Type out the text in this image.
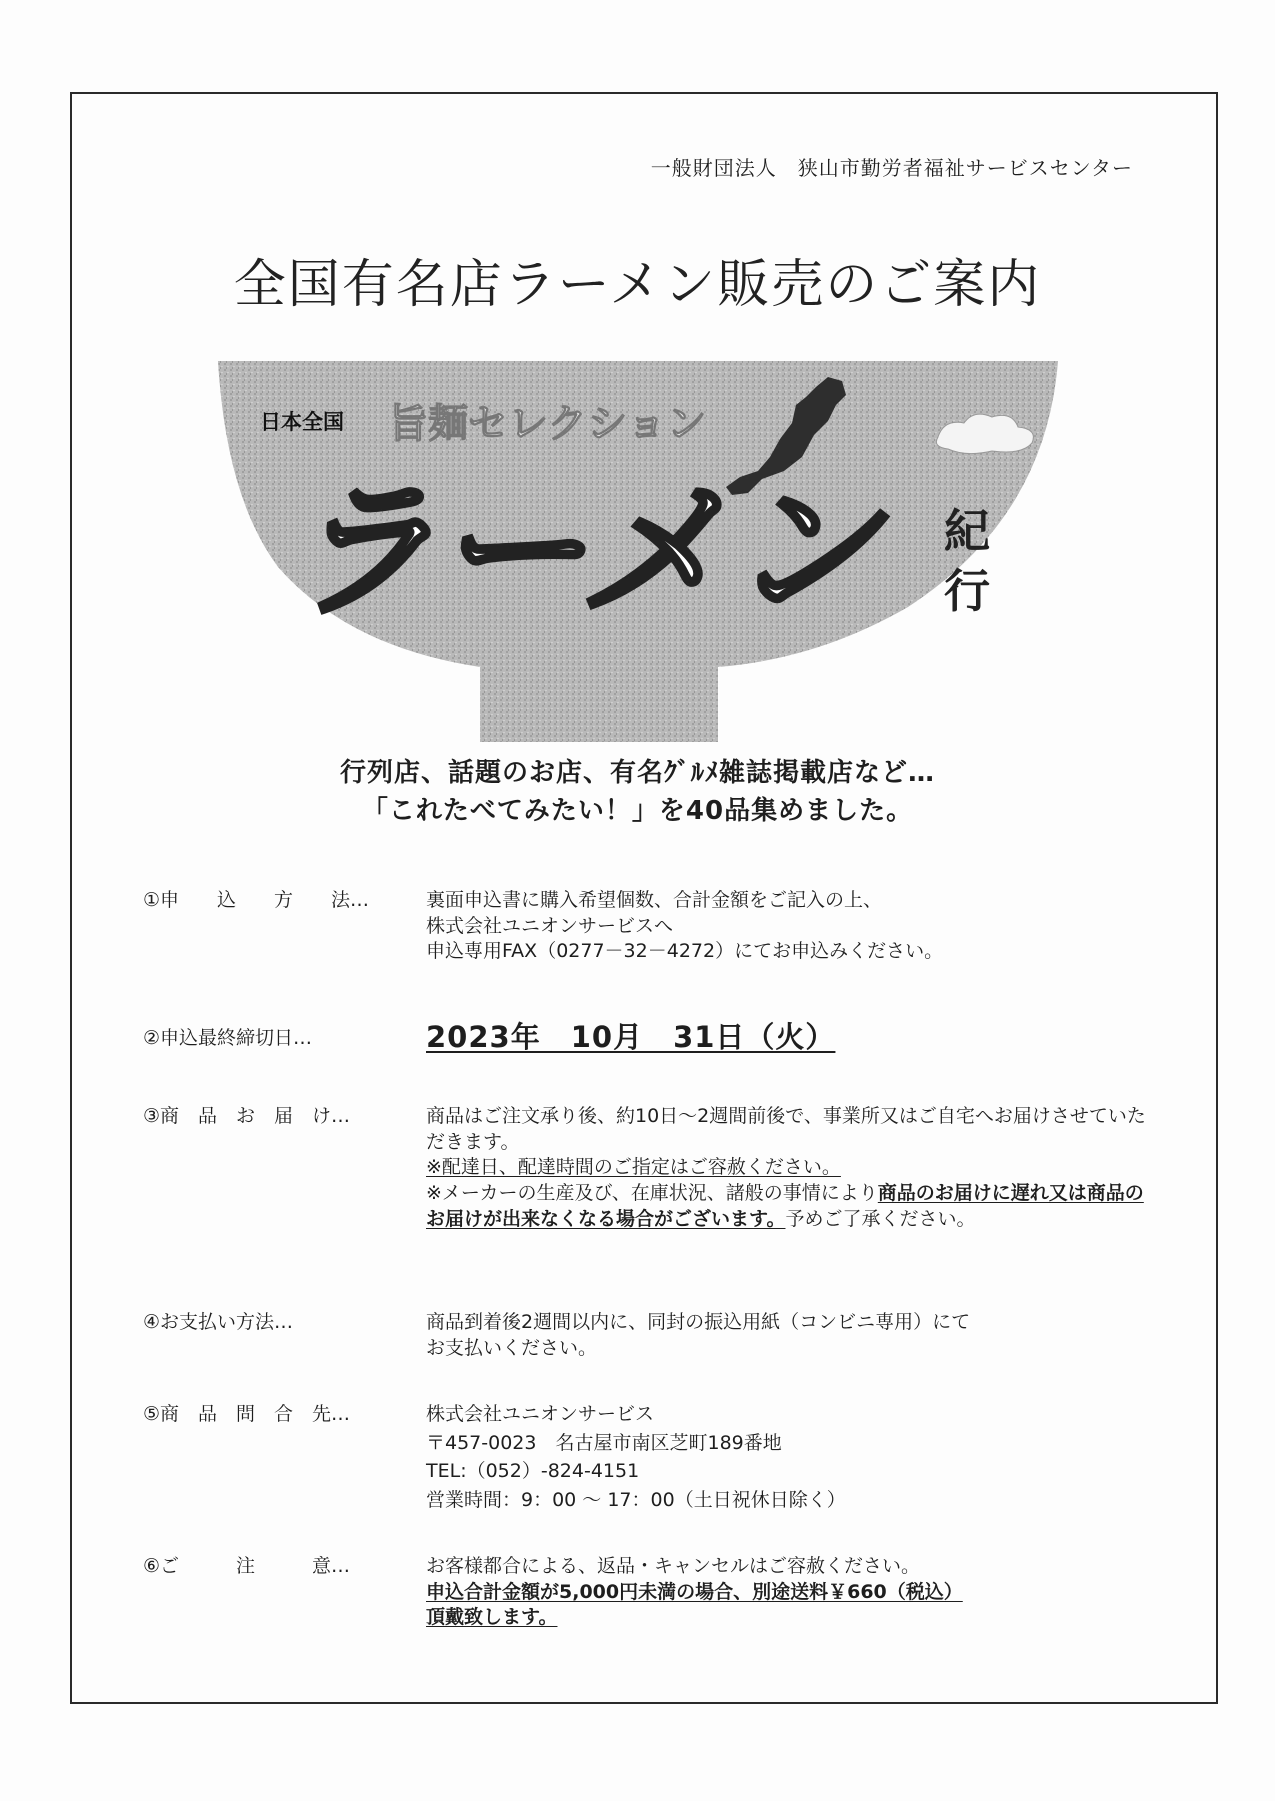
一般財団法人　狭山市勤労者福祉サービスセンター
全国有名店ラーメン販売のご案内
日本全国 旨麺セレクション
ラーメン 紀
行
行列店、話題のお店、有名ｸﾞﾙﾒ雑誌掲載店など…
「これたべてみたい！」を40品集めました。
①申　　込　　方　　法…	裏面申込書に購入希望個数、合計金額をご記入の上、
株式会社ユニオンサービスへ
申込専用FAX（0277－32－4272）にてお申込みください。
②申込最終締切日…	2023年　10月　31日（火）
③商　品　お　届　け…	商品はご注文承り後、約10日～2週間前後で、事業所又はご自宅へお届けさせていただきます。
※配達日、配達時間のご指定はご容赦ください。
※メーカーの生産及び、在庫状況、諸般の事情により商品のお届けに遅れ又は商品のお届けが出来なくなる場合がございます。予めご了承ください。
④お支払い方法…	商品到着後2週間以内に、同封の振込用紙（コンビニ専用）にて
お支払いください。
⑤商　品　問　合　先…	株式会社ユニオンサービス
〒457-0023　名古屋市南区芝町189番地
TEL:（052）-824-4151
営業時間：9：00 ～ 17：00（土日祝休日除く）
⑥ご　　　注　　　意…	お客様都合による、返品・キャンセルはご容赦ください。
申込合計金額が5,000円未満の場合、別途送料￥660（税込）
頂戴致します。
